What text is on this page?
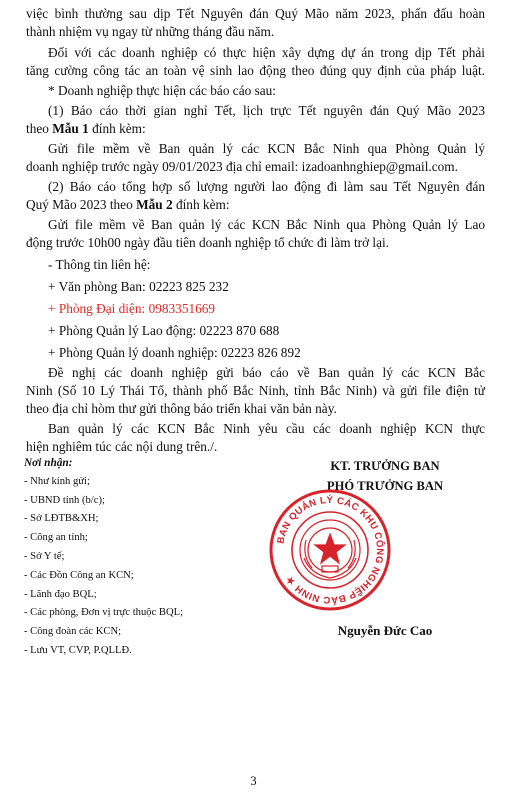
việc bình thường sau dịp Tết Nguyên đán Quý Mão năm 2023, phấn đấu hoàn
thành nhiệm vụ ngay từ những tháng đầu năm.
Đối với các doanh nghiệp có thực hiện xây dựng dự án trong dịp Tết phải
tăng cường công tác an toàn vệ sinh lao động theo đúng quy định của pháp luật.
* Doanh nghiệp thực hiện các báo cáo sau:
(1) Báo cáo thời gian nghỉ Tết, lịch trực Tết nguyên đán Quý Mão 2023
theo Mẫu 1 đính kèm:
Gửi file mềm về Ban quản lý các KCN Bắc Ninh qua Phòng Quản lý
doanh nghiệp trước ngày 09/01/2023 địa chỉ email: izadoanhnghiep@gmail.com.
(2) Báo cáo tổng hợp số lượng người lao động đi làm sau Tết Nguyên đán
Quý Mão 2023 theo Mẫu 2 đính kèm:
Gửi file mềm về Ban quản lý các KCN Bắc Ninh qua Phòng Quản lý Lao
động trước 10h00 ngày đầu tiên doanh nghiệp tổ chức đi làm trở lại.
- Thông tin liên hệ:
+ Văn phòng Ban: 02223 825 232
+ Phòng Đại diện: 0983351669
+ Phòng Quản lý Lao động: 02223 870 688
+ Phòng Quản lý doanh nghiệp: 02223 826 892
Đề nghị các doanh nghiệp gửi báo cáo về Ban quản lý các KCN Bắc
Ninh (Số 10 Lý Thái Tổ, thành phố Bắc Ninh, tỉnh Bắc Ninh) và gửi file điện tử
theo địa chỉ hòm thư gửi thông báo triển khai văn bản này.
Ban quản lý các KCN Bắc Ninh yêu cầu các doanh nghiệp KCN thực
hiện nghiêm túc các nội dung trên./.
Nơi nhận:
- Như kính gửi;
- UBND tỉnh (b/c);
- Sở LĐTB&XH;
- Công an tỉnh;
- Sở Y tế;
- Các Đồn Công an KCN;
- Lãnh đạo BQL;
- Các phòng, Đơn vị trực thuộc BQL;
- Công đoàn các KCN;
- Lưu VT, CVP, P.QLLĐ.
KT. TRƯỞNG BAN
PHÓ TRƯỞNG BAN
BAN QUẢN LÝ CÁC KHU CÔNG NGHIỆP BẮC NINH ★
Nguyễn Đức Cao
3
